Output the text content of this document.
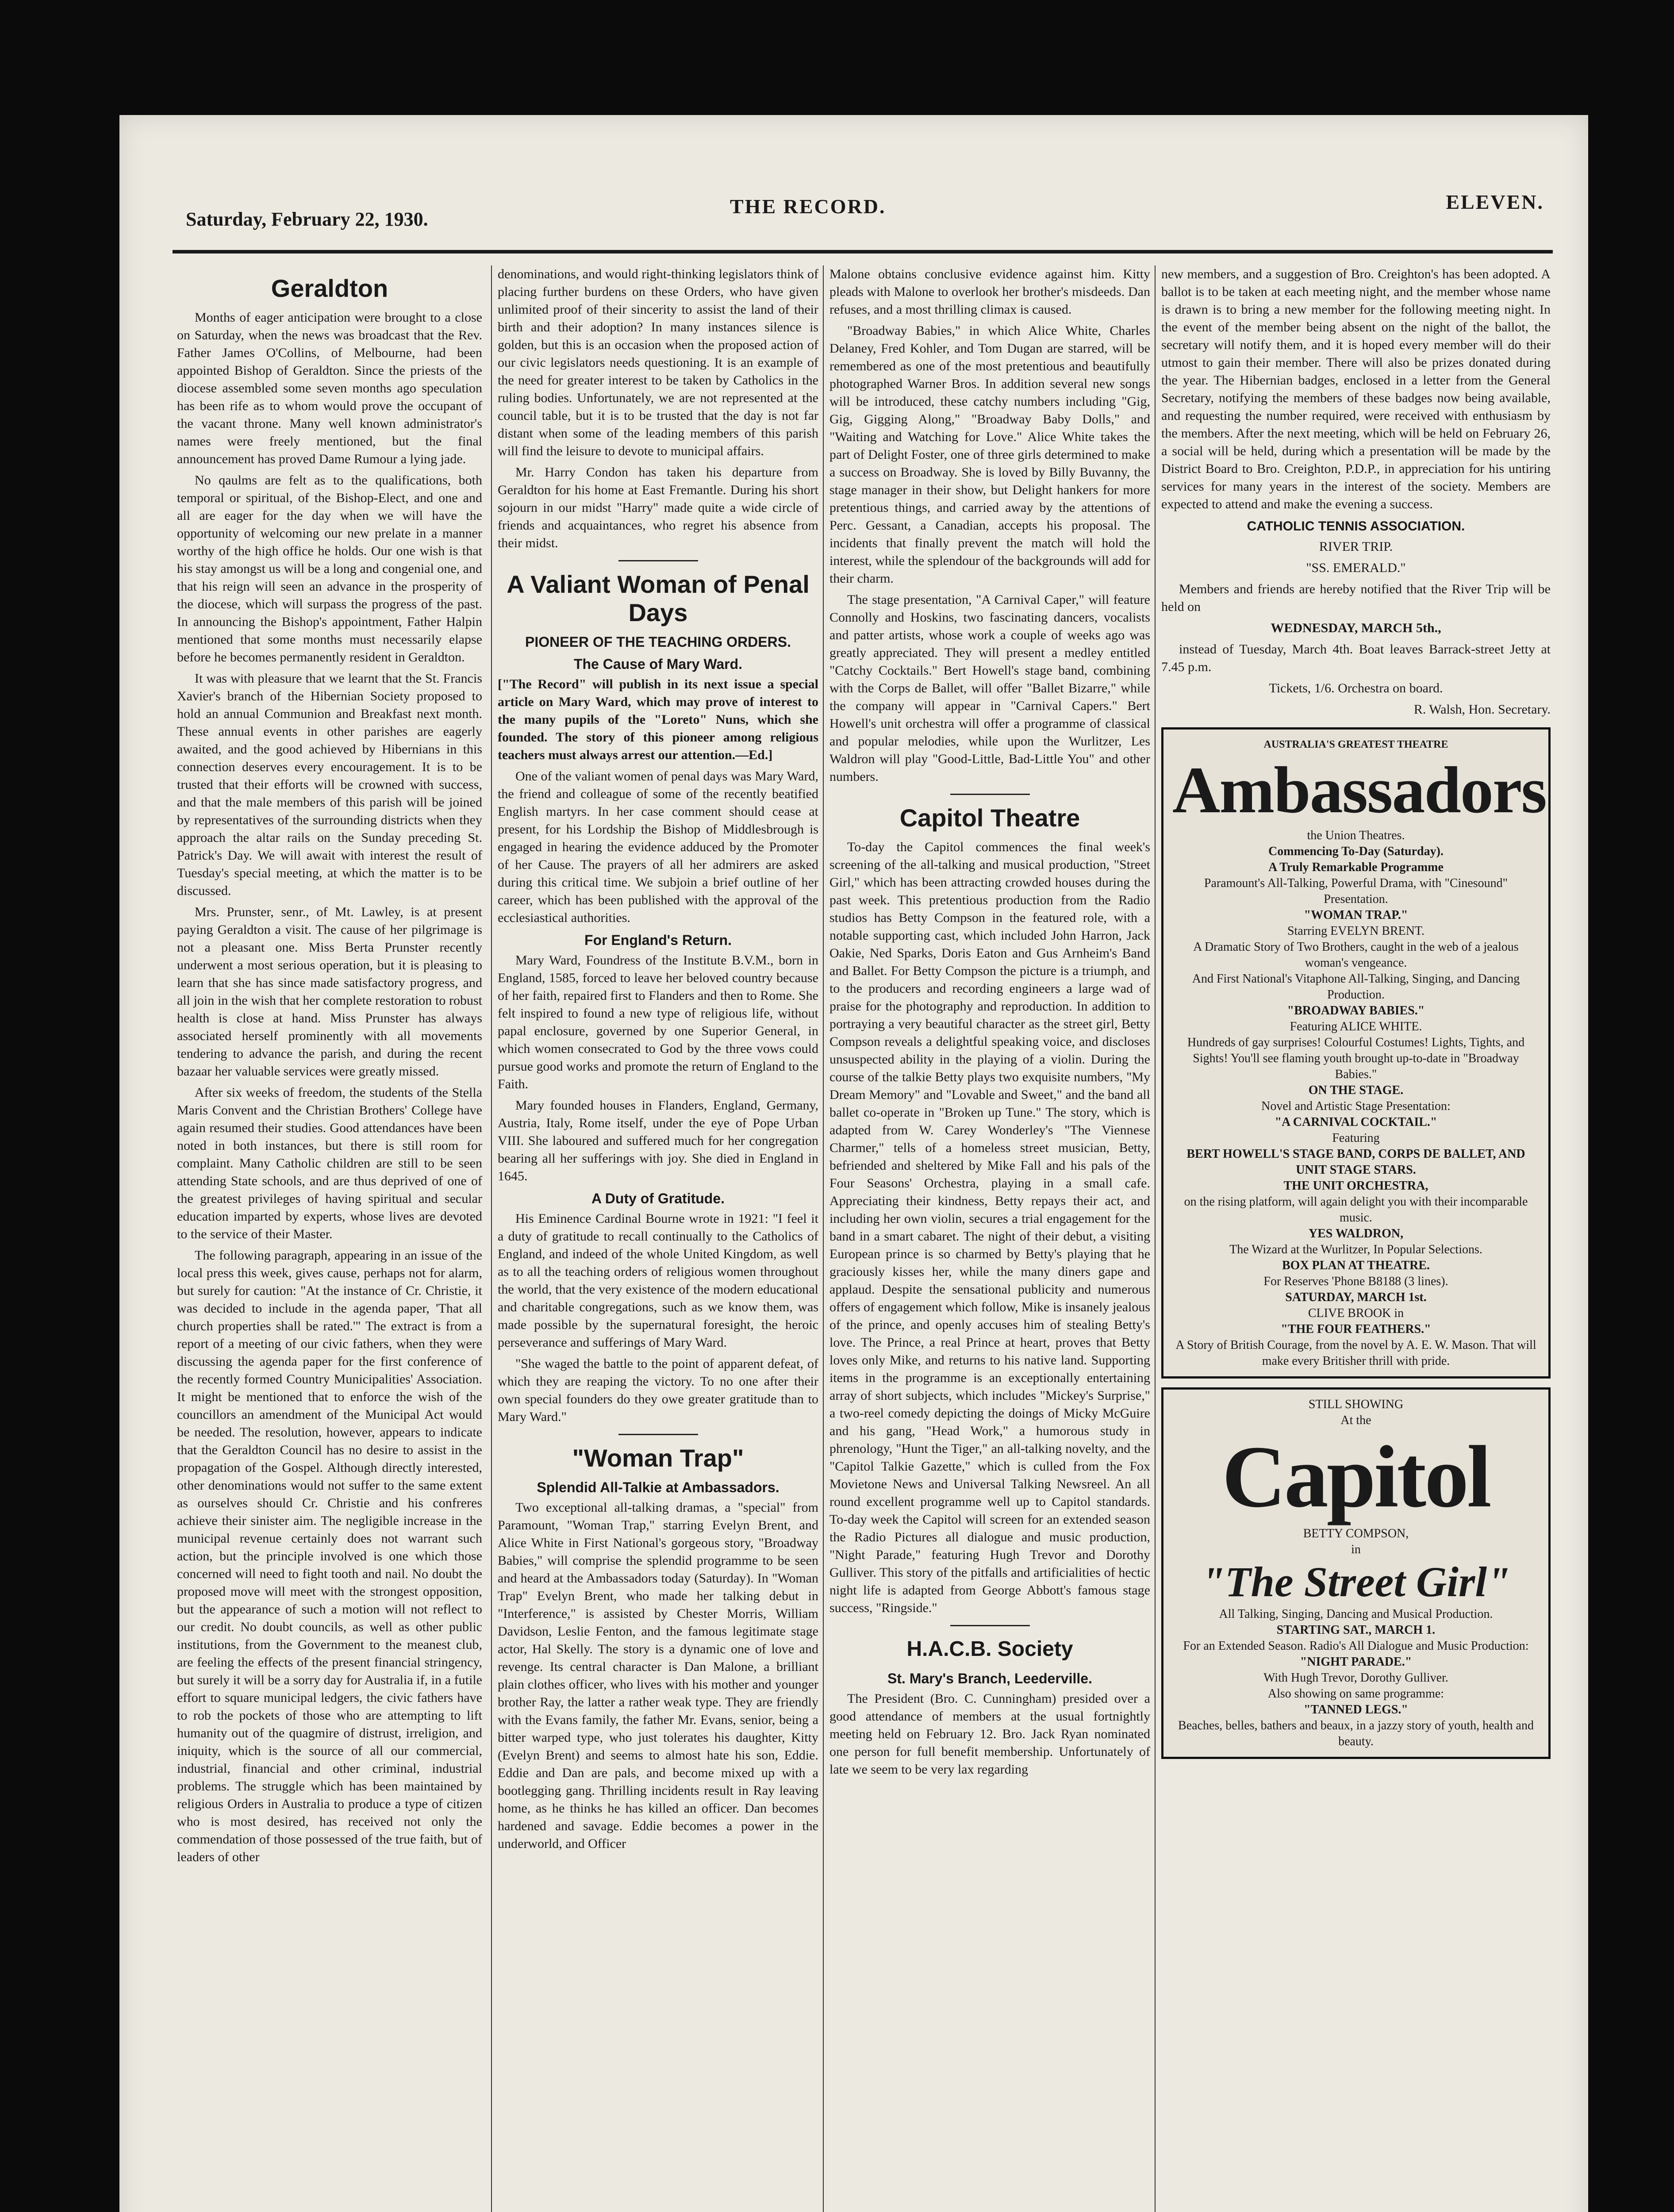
Saturday, February 22, 1930.
THE RECORD.	ELEVEN.
Geraldton

Months of eager anticipation were brought to a close on Saturday, when the news was broadcast that the Rev. Father James O'Collins, of Melbourne, had been appointed Bishop of Geraldton. Since the priests of the diocese assembled some seven months ago speculation has been rife as to whom would prove the occupant of the vacant throne. Many well known administrator's names were freely mentioned, but the final announcement has proved Dame Rumour a lying jade.

No qaulms are felt as to the qualifications, both temporal or spiritual, of the Bishop-Elect, and one and all are eager for the day when we will have the opportunity of welcoming our new prelate in a manner worthy of the high office he holds. Our one wish is that his stay amongst us will be a long and congenial one, and that his reign will seen an advance in the prosperity of the diocese, which will surpass the progress of the past. In announcing the Bishop's appointment, Father Halpin mentioned that some months must necessarily elapse before he becomes permanently resident in Geraldton.

It was with pleasure that we learnt that the St. Francis Xavier's branch of the Hibernian Society proposed to hold an annual Communion and Breakfast next month. These annual events in other parishes are eagerly awaited, and the good achieved by Hibernians in this connection deserves every encouragement. It is to be trusted that their efforts will be crowned with success, and that the male members of this parish will be joined by representatives of the surrounding districts when they approach the altar rails on the Sunday preceding St. Patrick's Day. We will await with interest the result of Tuesday's special meeting, at which the matter is to be discussed.

Mrs. Prunster, senr., of Mt. Lawley, is at present paying Geraldton a visit. The cause of her pilgrimage is not a pleasant one. Miss Berta Prunster recently underwent a most serious operation, but it is pleasing to learn that she has since made satisfactory progress, and all join in the wish that her complete restoration to robust health is close at hand. Miss Prunster has always associated herself prominently with all movements tendering to advance the parish, and during the recent bazaar her valuable services were greatly missed.

After six weeks of freedom, the students of the Stella Maris Convent and the Christian Brothers' College have again resumed their studies. Good attendances have been noted in both instances, but there is still room for complaint. Many Catholic children are still to be seen attending State schools, and are thus deprived of one of the greatest privileges of having spiritual and secular education imparted by experts, whose lives are devoted to the service of their Master.

The following paragraph, appearing in an issue of the local press this week, gives cause, perhaps not for alarm, but surely for caution: "At the instance of Cr. Christie, it was decided to include in the agenda paper, 'That all church properties shall be rated.'" The extract is from a report of a meeting of our civic fathers, when they were discussing the agenda paper for the first conference of the recently formed Country Municipalities' Association. It might be mentioned that to enforce the wish of the councillors an amendment of the Municipal Act would be needed. The resolution, however, appears to indicate that the Geraldton Council has no desire to assist in the propagation of the Gospel. Although directly interested, other denominations would not suffer to the same extent as ourselves should Cr. Christie and his confreres achieve their sinister aim. The negligible increase in the municipal revenue certainly does not warrant such action, but the principle involved is one which those concerned will need to fight tooth and nail. No doubt the proposed move will meet with the strongest opposition, but the appearance of such a motion will not reflect to our credit. No doubt councils, as well as other public institutions, from the Government to the meanest club, are feeling the effects of the present financial stringency, but surely it will be a sorry day for Australia if, in a futile effort to square municipal ledgers, the civic fathers have to rob the pockets of those who are attempting to lift humanity out of the quagmire of distrust, irreligion, and iniquity, which is the source of all our commercial, industrial, financial and other criminal, industrial problems. The struggle which has been maintained by religious Orders in Australia to produce a type of citizen who is most desired, has received not only the commendation of those possessed of the true faith, but of leaders of other

denominations, and would right-thinking legislators think of placing further burdens on these Orders, who have given unlimited proof of their sincerity to assist the land of their birth and their adoption? In many instances silence is golden, but this is an occasion when the proposed action of our civic legislators needs questioning. It is an example of the need for greater interest to be taken by Catholics in the ruling bodies. Unfortunately, we are not represented at the council table, but it is to be trusted that the day is not far distant when some of the leading members of this parish will find the leisure to devote to municipal affairs.

Mr. Harry Condon has taken his departure from Geraldton for his home at East Fremantle. During his short sojourn in our midst "Harry" made quite a wide circle of friends and acquaintances, who regret his absence from their midst.

A Valiant Woman of Penal Days
PIONEER OF THE TEACHING ORDERS.
The Cause of Mary Ward.

["The Record" will publish in its next issue a special article on Mary Ward, which may prove of interest to the many pupils of the "Loreto" Nuns, which she founded. The story of this pioneer among religious teachers must always arrest our attention.—Ed.]

One of the valiant women of penal days was Mary Ward, the friend and colleague of some of the recently beatified English martyrs. In her case comment should cease at present, for his Lordship the Bishop of Middlesbrough is engaged in hearing the evidence adduced by the Promoter of her Cause. The prayers of all her admirers are asked during this critical time. We subjoin a brief outline of her career, which has been published with the approval of the ecclesiastical authorities.

For England's Return.

Mary Ward, Foundress of the Institute B.V.M., born in England, 1585, forced to leave her beloved country because of her faith, repaired first to Flanders and then to Rome. She felt inspired to found a new type of religious life, without papal enclosure, governed by one Superior General, in which women consecrated to God by the three vows could pursue good works and promote the return of England to the Faith.

Mary founded houses in Flanders, England, Germany, Austria, Italy, Rome itself, under the eye of Pope Urban VIII. She laboured and suffered much for her congregation bearing all her sufferings with joy. She died in England in 1645.

A Duty of Gratitude.

His Eminence Cardinal Bourne wrote in 1921: "I feel it a duty of gratitude to recall continually to the Catholics of England, and indeed of the whole United Kingdom, as well as to all the teaching orders of religious women throughout the world, that the very existence of the modern educational and charitable congregations, such as we know them, was made possible by the supernatural foresight, the heroic perseverance and sufferings of Mary Ward.

"She waged the battle to the point of apparent defeat, of which they are reaping the victory. To no one after their own special founders do they owe greater gratitude than to Mary Ward."

"Woman Trap"
Splendid All-Talkie at Ambassadors.

Two exceptional all-talking dramas, a "special" from Paramount, "Woman Trap," starring Evelyn Brent, and Alice White in First National's gorgeous story, "Broadway Babies," will comprise the splendid programme to be seen and heard at the Ambassadors today (Saturday). In "Woman Trap" Evelyn Brent, who made her talking debut in "Interference," is assisted by Chester Morris, William Davidson, Leslie Fenton, and the famous legitimate stage actor, Hal Skelly. The story is a dynamic one of love and revenge. Its central character is Dan Malone, a brilliant plain clothes officer, who lives with his mother and younger brother Ray, the latter a rather weak type. They are friendly with the Evans family, the father Mr. Evans, senior, being a bitter warped type, who just tolerates his daughter, Kitty (Evelyn Brent) and seems to almost hate his son, Eddie. Eddie and Dan are pals, and become mixed up with a bootlegging gang. Thrilling incidents result in Ray leaving home, as he thinks he has killed an officer. Dan becomes hardened and savage. Eddie becomes a power in the underworld, and Officer

Malone obtains conclusive evidence against him. Kitty pleads with Malone to overlook her brother's misdeeds. Dan refuses, and a most thrilling climax is caused.

"Broadway Babies," in which Alice White, Charles Delaney, Fred Kohler, and Tom Dugan are starred, will be remembered as one of the most pretentious and beautifully photographed Warner Bros. In addition several new songs will be introduced, these catchy numbers including "Gig, Gig, Gigging Along," "Broadway Baby Dolls," and "Waiting and Watching for Love." Alice White takes the part of Delight Foster, one of three girls determined to make a success on Broadway. She is loved by Billy Buvanny, the stage manager in their show, but Delight hankers for more pretentious things, and carried away by the attentions of Perc. Gessant, a Canadian, accepts his proposal. The incidents that finally prevent the match will hold the interest, while the splendour of the backgrounds will add for their charm.

The stage presentation, "A Carnival Caper," will feature Connolly and Hoskins, two fascinating dancers, vocalists and patter artists, whose work a couple of weeks ago was greatly appreciated. They will present a medley entitled "Catchy Cocktails." Bert Howell's stage band, combining with the Corps de Ballet, will offer "Ballet Bizarre," while the company will appear in "Carnival Capers." Bert Howell's unit orchestra will offer a programme of classical and popular melodies, while upon the Wurlitzer, Les Waldron will play "Good-Little, Bad-Little You" and other numbers.

Capitol Theatre

To-day the Capitol commences the final week's screening of the all-talking and musical production, "Street Girl," which has been attracting crowded houses during the past week. This pretentious production from the Radio studios has Betty Compson in the featured role, with a notable supporting cast, which included John Harron, Jack Oakie, Ned Sparks, Doris Eaton and Gus Arnheim's Band and Ballet. For Betty Compson the picture is a triumph, and to the producers and recording engineers a large wad of praise for the photography and reproduction. In addition to portraying a very beautiful character as the street girl, Betty Compson reveals a delightful speaking voice, and discloses unsuspected ability in the playing of a violin. During the course of the talkie Betty plays two exquisite numbers, "My Dream Memory" and "Lovable and Sweet," and the band all ballet co-operate in "Broken up Tune." The story, which is adapted from W. Carey Wonderley's "The Viennese Charmer," tells of a homeless street musician, Betty, befriended and sheltered by Mike Fall and his pals of the Four Seasons' Orchestra, playing in a small cafe. Appreciating their kindness, Betty repays their act, and including her own violin, secures a trial engagement for the band in a smart cabaret. The night of their debut, a visiting European prince is so charmed by Betty's playing that he graciously kisses her, while the many diners gape and applaud. Despite the sensational publicity and numerous offers of engagement which follow, Mike is insanely jealous of the prince, and openly accuses him of stealing Betty's love. The Prince, a real Prince at heart, proves that Betty loves only Mike, and returns to his native land. Supporting items in the programme is an exceptionally entertaining array of short subjects, which includes "Mickey's Surprise," a two-reel comedy depicting the doings of Micky McGuire and his gang, "Head Work," a humorous study in phrenology, "Hunt the Tiger," an all-talking novelty, and the "Capitol Talkie Gazette," which is culled from the Fox Movietone News and Universal Talking Newsreel. An all round excellent programme well up to Capitol standards. To-day week the Capitol will screen for an extended season the Radio Pictures all dialogue and music production, "Night Parade," featuring Hugh Trevor and Dorothy Gulliver. This story of the pitfalls and artificialities of hectic night life is adapted from George Abbott's famous stage success, "Ringside."

H.A.C.B. Society
St. Mary's Branch, Leederville.

The President (Bro. C. Cunningham) presided over a good attendance of members at the usual fortnightly meeting held on February 12. Bro. Jack Ryan nominated one person for full benefit membership. Unfortunately of late we seem to be very lax regarding

new members, and a suggestion of Bro. Creighton's has been adopted. A ballot is to be taken at each meeting night, and the member whose name is drawn is to bring a new member for the following meeting night. In the event of the member being absent on the night of the ballot, the secretary will notify them, and it is hoped every member will do their utmost to gain their member. There will also be prizes donated during the year. The Hibernian badges, enclosed in a letter from the General Secretary, notifying the members of these badges now being available, and requesting the number required, were received with enthusiasm by the members. After the next meeting, which will be held on February 26, a social will be held, during which a presentation will be made by the District Board to Bro. Creighton, P.D.P., in appreciation for his untiring services for many years in the interest of the society. Members are expected to attend and make the evening a success.

CATHOLIC TENNIS ASSOCIATION.

RIVER TRIP.

"SS. EMERALD."

Members and friends are hereby notified that the River Trip will be held on

WEDNESDAY, MARCH 5th.,

instead of Tuesday, March 4th. Boat leaves Barrack-street Jetty at 7.45 p.m.

Tickets, 1/6. Orchestra on board.

R. Walsh, Hon. Secretary.

AUSTRALIA'S GREATEST THEATRE
Ambassadors
the Union Theatres.
Commencing To-Day (Saturday).
A Truly Remarkable Programme
Paramount's All-Talking, Powerful Drama, with "Cinesound" Presentation.
"WOMAN TRAP."
Starring EVELYN BRENT.
A Dramatic Story of Two Brothers, caught in the web of a jealous woman's vengeance.
And First National's Vitaphone All-Talking, Singing, and Dancing Production.
"BROADWAY BABIES."
Featuring ALICE WHITE.
Hundreds of gay surprises! Colourful Costumes! Lights, Tights, and Sights! You'll see flaming youth brought up-to-date in "Broadway Babies."
ON THE STAGE.
Novel and Artistic Stage Presentation:
"A CARNIVAL COCKTAIL."
Featuring
BERT HOWELL'S STAGE BAND, CORPS DE BALLET, AND UNIT STAGE STARS.
THE UNIT ORCHESTRA,
on the rising platform, will again delight you with their incomparable music.
YES WALDRON,
The Wizard at the Wurlitzer, In Popular Selections.
BOX PLAN AT THEATRE.
For Reserves 'Phone B8188 (3 lines).
SATURDAY, MARCH 1st.
CLIVE BROOK in
"THE FOUR FEATHERS."
A Story of British Courage, from the novel by A. E. W. Mason. That will make every Britisher thrill with pride.
STILL SHOWING
At the
Capitol
BETTY COMPSON,
in
"The Street Girl"
All Talking, Singing, Dancing and Musical Production.
STARTING SAT., MARCH 1.
For an Extended Season. Radio's All Dialogue and Music Production:
"NIGHT PARADE."
With Hugh Trevor, Dorothy Gulliver.
Also showing on same programme:
"TANNED LEGS."
Beaches, belles, bathers and beaux, in a jazzy story of youth, health and beauty.
